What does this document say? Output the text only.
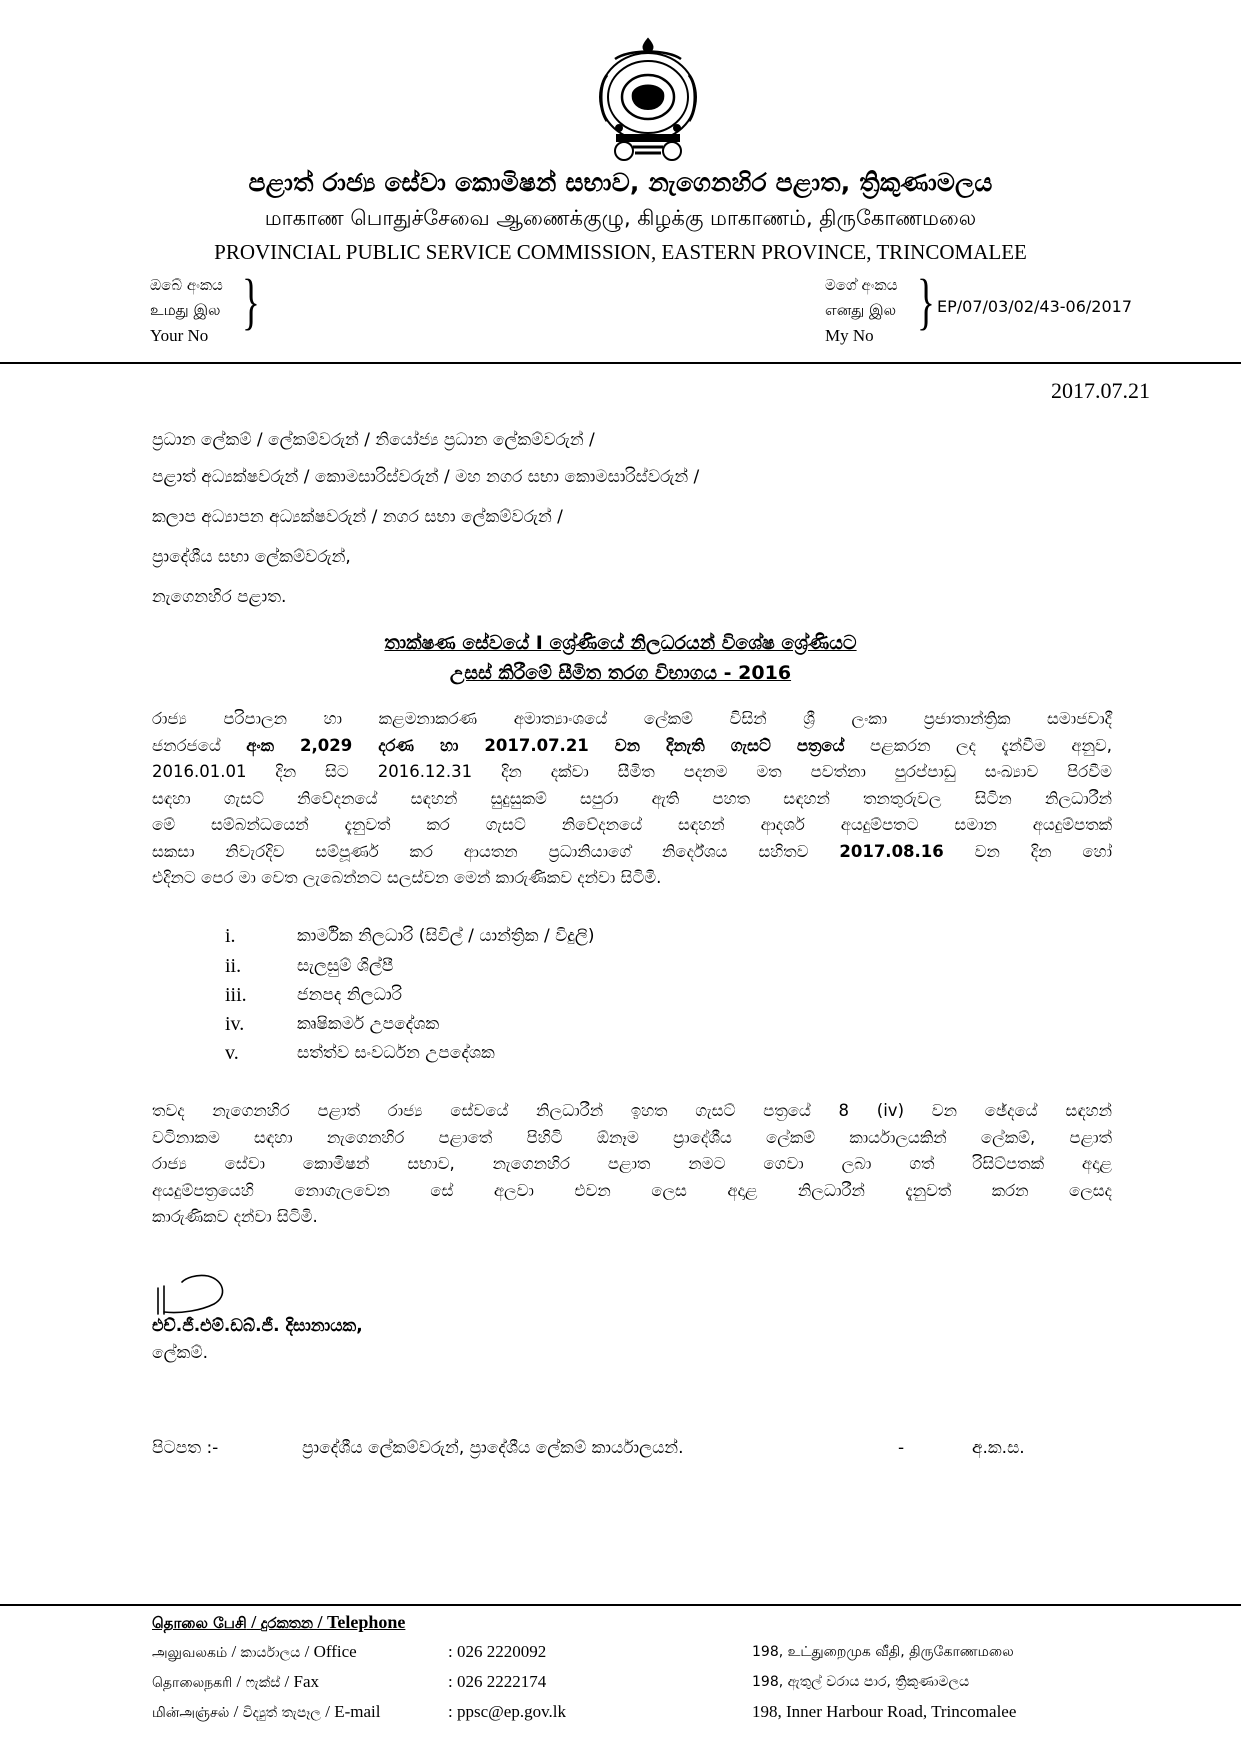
පළාත් රාජ්‍ය සේවා කොමිෂන් සභාව, නැගෙනහිර පළාත, ත්‍රිකුණාමලය
மாகாண பொதுச்சேவை ஆணைக்குழு, கிழக்கு மாகாணம், திருகோணமலை
PROVINCIAL PUBLIC SERVICE COMMISSION, EASTERN PROVINCE, TRINCOMALEE
ඔබේ අංකය
உமது இல
Your No }	මගේ අංකය
எனது இல
My No } EP/07/03/02/43-06/2017
2017.07.21
ප්‍රධාන ලේකම් / ලේකම්වරුන් / නියෝජ්‍ය ප්‍රධාන ලේකම්වරුන් /
පළාත් අධ්‍යක්ෂවරුන් / කොමසාරිස්වරුන් / මහ නගර සභා කොමසාරිස්වරුන් /
කලාප අධ්‍යාපන අධ්‍යක්ෂවරුන් / නගර සභා ලේකම්වරුන් /
ප්‍රාදේශීය සභා ලේකම්වරුන්,
නැගෙනහිර පළාත.
තාක්ෂණ සේවයේ I ශ්‍රේණියේ නිලධරයන් විශේෂ ශ්‍රේණියට
උසස් කිරීමේ සීමිත තරග විභාගය - 2016
රාජ්‍ය පරිපාලන හා කළමනාකරණ අමාත්‍යාංශයේ ලේකම් විසින් ශ්‍රී ලංකා ප්‍රජාතාන්ත්‍රික සමාජවාදී
ජනරජයේ අංක 2,029 දරණ හා 2017.07.21 වන දිනැති ගැසට් පත්‍රයේ පළකරන ලද දැන්වීම අනුව,
2016.01.01 දින සිට 2016.12.31 දින දක්වා සීමිත පදනම මත පවත්නා පුරප්පාඩු සංඛ්‍යාව පිරවීම
සඳහා ගැසට් නිවේදනයේ සඳහන් සුදුසුකම් සපුරා ඇති පහත සඳහන් තනතුරුවල සිටින නිලධාරීන්
මේ සම්බන්ධයෙන් දැනුවත් කර ගැසට් නිවේදනයේ සඳහන් ආදර්ශ අයදුම්පතට සමාන අයදුම්පතක්
සකසා නිවැරදිව සම්පූර්ණ කර ආයතන ප්‍රධානියාගේ නිර්දේශය සහිතව 2017.08.16 වන දින හෝ
එදිනට පෙර මා වෙත ලැබෙන්නට සලස්වන මෙන් කාරුණිකව දන්වා සිටිමි.
i.	කාර්මික නිලධාරි (සිවිල් / යාන්ත්‍රික / විදුලි)
ii.	සැලසුම් ශිල්පී
iii.	ජනපද නිලධාරි
iv.	කෘෂිකර්ම උපදේශක
v.	සත්ත්ව සංවර්ධන උපදේශක
තවද නැගෙනහිර පළාත් රාජ්‍ය සේවයේ නිලධාරීන් ඉහත ගැසට් පත්‍රයේ 8 (iv) වන ඡේදයේ සඳහන්
වටිනාකම සඳහා නැගෙනහිර පළාතේ පිහිටි ඕනෑම ප්‍රාදේශීය ලේකම් කාර්යාලයකින් ලේකම්, පළාත්
රාජ්‍ය සේවා කොමිෂන් සභාව, නැගෙනහිර පළාත නමට ගෙවා ලබා ගත් රිසිට්පතක් අදාළ
අයදුම්පත්‍රයෙහි නොගැලවෙන සේ අලවා එවන ලෙස අදාළ නිලධාරීන් දැනුවත් කරන ලෙසද
කාරුණිකව දන්වා සිටිමි.
එච්.ජී.එම්.ඩබ්.ජී. දිසානායක,
ලේකම්.
පිටපත :-	ප්‍රාදේශීය ලේකම්වරුන්, ප්‍රාදේශීය ලේකම් කාර්යාලයන්.	-	අ.ක.ස.
தொலை பேசி / දුරකතන / Telephone
அலுவலகம் / කාර්යාලය / Office	: 026 2220092	198, உட்துறைமுக வீதி, திருகோணமலை
தொலைநகரி / ෆැක්ස් / Fax	: 026 2222174	198, ඇතුල් වරාය පාර, ත්‍රිකුණාමලය
மின்அஞ்சல் / විද්‍යුත් තැපෑල / E-mail	: ppsc@ep.gov.lk	198, Inner Harbour Road, Trincomalee
